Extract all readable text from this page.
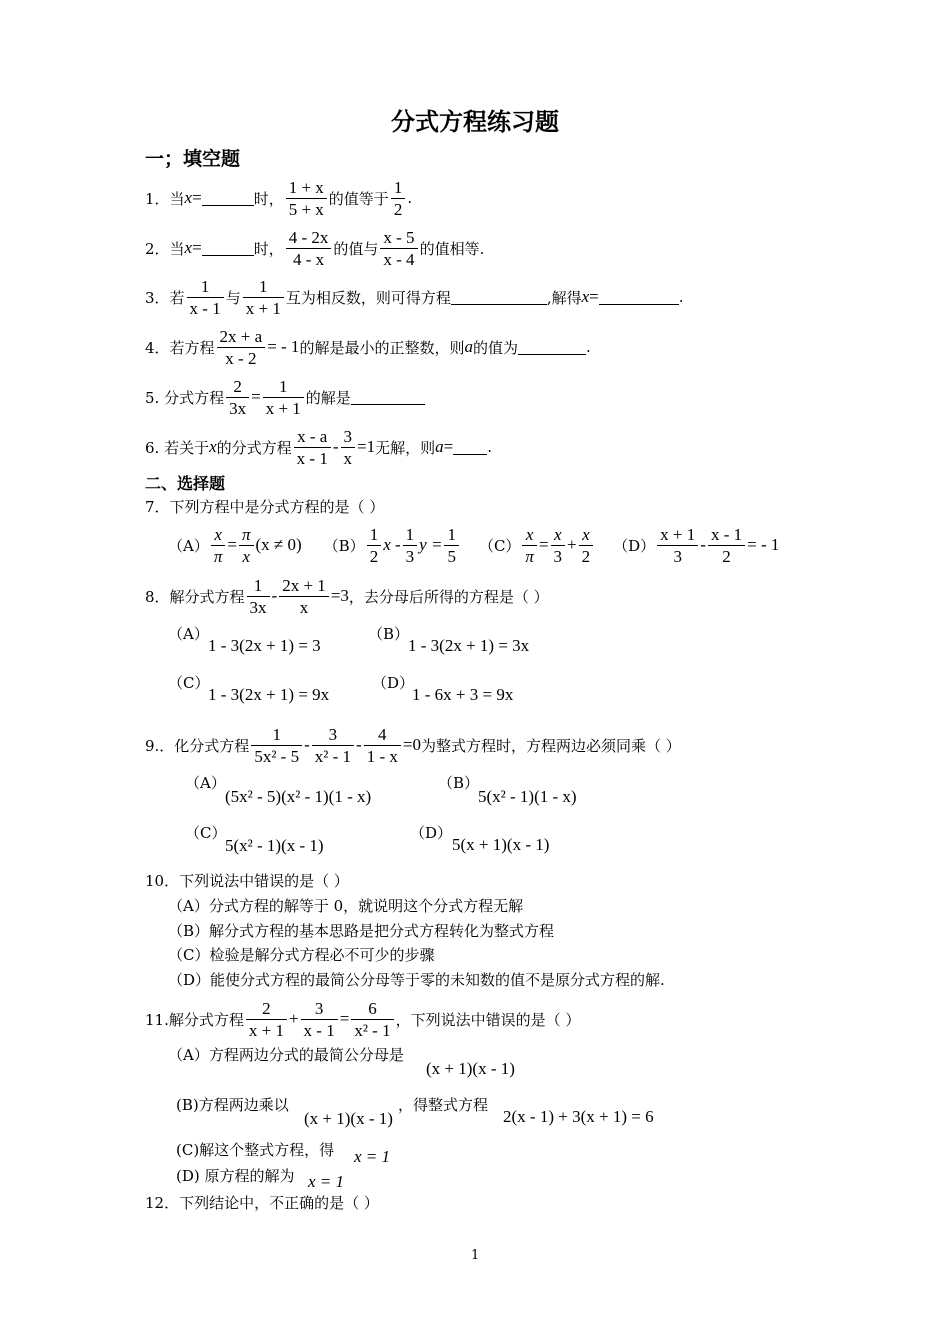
分式方程练习题
一；填空题
1．当 x =	时， $\frac{1 + x}{5 + x}$ 的值等于 $\frac{1}{2}$ .
2．当 x =	时， $\frac{4 - 2x}{4 - x}$ 的值与 $\frac{x - 5}{x - 4}$ 的值相等.
3．若 $\frac{1}{x - 1}$ 与 $\frac{1}{x + 1}$ 互为相反数，则可得方程	,解得 x =	.
4．若方程 $\frac{2x + a}{x - 2}$ = - 1 的解是最小的正整数，则 a 的值为	.
5. 分式方程 $\frac{2}{3x} = \frac{1}{x + 1}$ 的解是
6. 若关于 x 的分式方程 $\frac{x - a}{x - 1} - \frac{3}{x} =1$ 无解，则 a = .
二、选择题
7．下列方程中是分式方程的是（ ）
$(A) \frac{x}{\pi} = \frac{\pi}{x} (x \ne 0)$ $(B) \frac{1}{2}$ x - $\frac{1}{3}$ $y = \frac{1}{5} (C) \frac{x}{\pi} = \frac{x}{3} + \frac{x}{2} (D) \frac{x + 1}{3} - \frac{x - 1}{2}$ = - 1
8．解分式方程 $\frac{1}{3x} - \frac{2x + 1}{x} =3$ ，去分母后所得的方程是（ ）
（A）
1 - 3(2x + 1) = 3
（B）
1 - 3(2x + 1) = 3x
（C）
1 - 3(2x + 1) = 9x
（D）
1 - 6x + 3 = 9x
9.．化分式方程 $\frac{1}{\text{5x² - 5}} - \frac{3}{\text{x² - 1}} - \frac{4}{1 - x} =0$ 为整式方程时，方程两边必须同乘（ ）
（A）
(5x² - 5)(x² - 1)(1 - x)
（B）
5(x² - 1)(1 - x)
（C）
5(x² - 1)(x - 1)
（D）
5(x + 1)(x - 1)
10．下列说法中错误的是（ ）
（A）分式方程的解等于 0，就说明这个分式方程无解
（B）解分式方程的基本思路是把分式方程转化为整式方程
（C）检验是解分式方程必不可少的步骤
（D）能使分式方程的最简公分母等于零的未知数的值不是原分式方程的解.
11.解分式方程 $\frac{2}{x + 1} + \frac{3}{x - 1} = \frac{6}{\text{x² - 1}}$ ，下列说法中错误的是（ ）
（A）方程两边分式的最简公分母是
(x + 1)(x - 1)
(B)方程两边乘以
(x + 1)(x - 1)
，得整式方程
2(x - 1) + 3(x + 1) = 6
(C)解这个整式方程，得 x = 1
(D) 原方程的解为 x = 1
12．下列结论中，不正确的是（ ）
1
